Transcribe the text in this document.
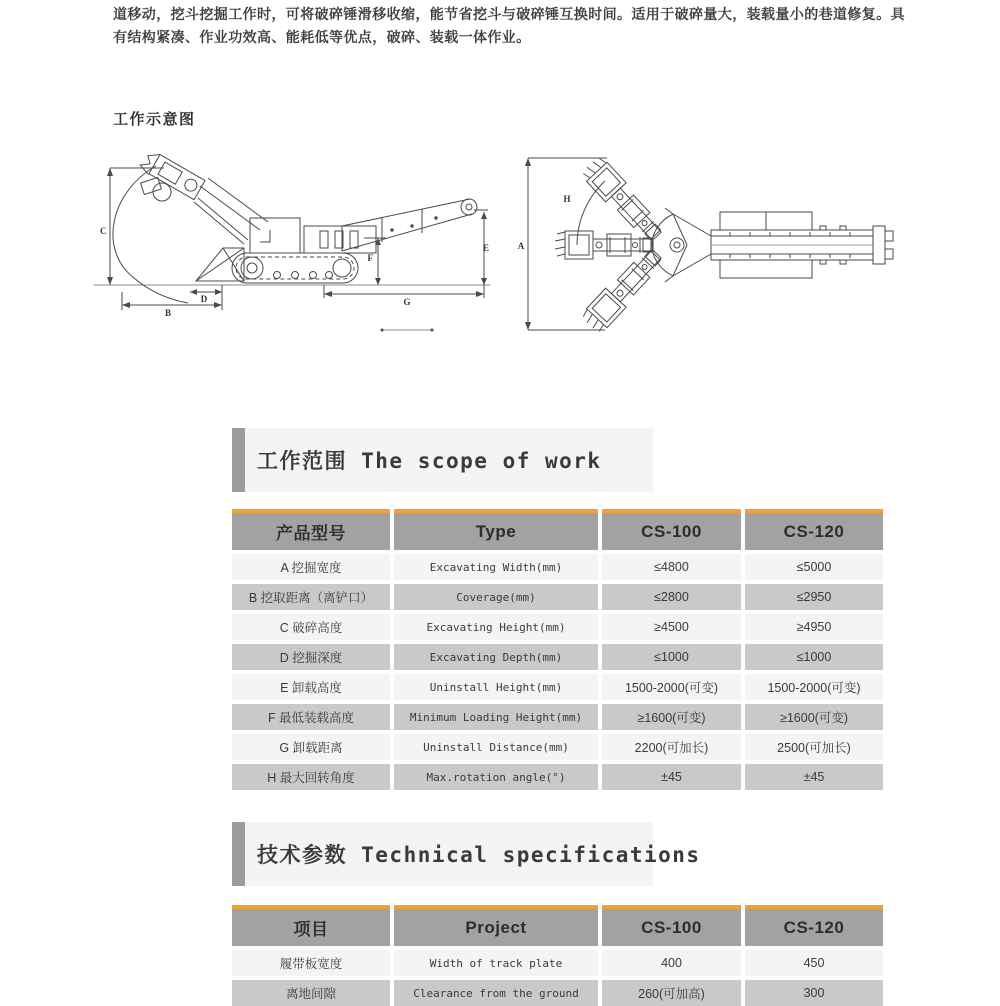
道移动，挖斗挖掘工作时，可将破碎锤滑移收缩，能节省挖斗与破碎锤互换时间。适用于破碎量大，装载量小的巷道修复。具
有结构紧凑、作业功效高、能耗低等优点，破碎、装载一体作业。
工作示意图
C
B
D
F
G
E	A
H
工作范围 The scope of work
产品型号	Type	CS-100	CS-120
A 挖掘宽度	Excavating Width(mm)	≤4800	≤5000
B 挖取距离（离铲口）	Coverage(mm)	≤2800	≤2950
C 破碎高度	Excavating Height(mm)	≥4500	≥4950
D 挖掘深度	Excavating Depth(mm)	≤1000	≤1000
E 卸载高度	Uninstall Height(mm)	1500-2000(可变)	1500-2000(可变)
F 最低装载高度	Minimum Loading Height(mm)	≥1600(可变)	≥1600(可变)
G 卸载距离	Uninstall Distance(mm)	2200(可加长)	2500(可加长)
H 最大回转角度	Max.rotation angle(°)	±45	±45
技术参数 Technical specifications
项目	Project	CS-100	CS-120
履带板宽度	Width of track plate	400	450
离地间隙	Clearance from the ground	260(可加高)	300
